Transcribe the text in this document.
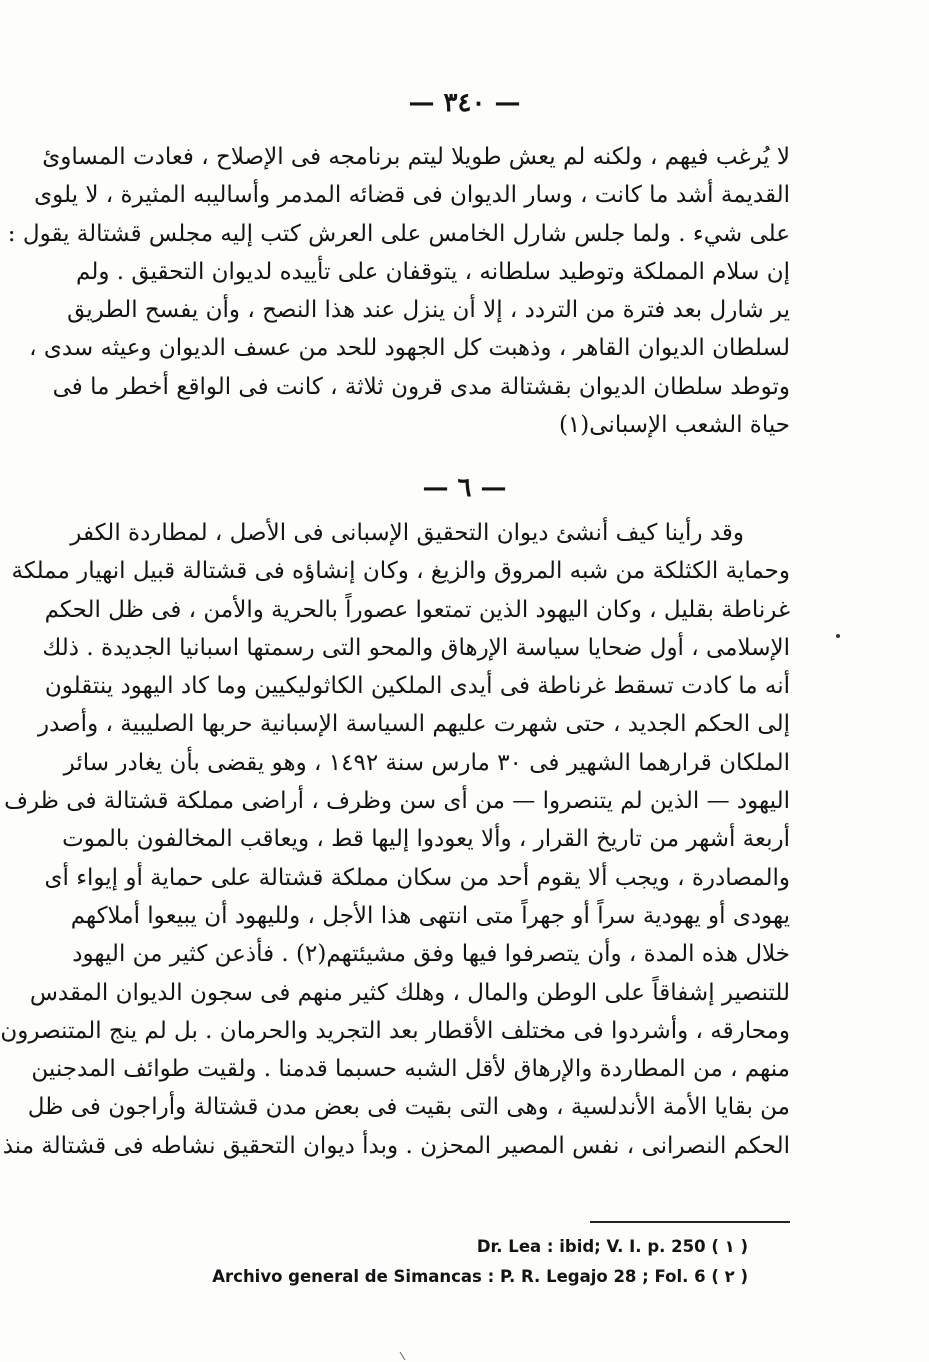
— ٣٤٠ —
لا يُرغب فيهم ، ولكنه لم يعش طويلا ليتم برنامجه فى الإصلاح ، فعادت المساوئ
القديمة أشد ما كانت ، وسار الديوان فى قضائه المدمر وأساليبه المثيرة ، لا يلوى
على شيء . ولما جلس شارل الخامس على العرش كتب إليه مجلس قشتالة يقول :
إن سلام المملكة وتوطيد سلطانه ، يتوقفان على تأييده لديوان التحقيق . ولم
ير شارل بعد فترة من التردد ، إلا أن ينزل عند هذا النصح ، وأن يفسح الطريق
لسلطان الديوان القاهر ، وذهبت كل الجهود للحد من عسف الديوان وعيثه سدى ،
وتوطد سلطان الديوان بقشتالة مدى قرون ثلاثة ، كانت فى الواقع أخطر ما فى
حياة الشعب الإسبانى(١)
— ٦ —
وقد رأينا كيف أنشئ ديوان التحقيق الإسبانى فى الأصل ، لمطاردة الكفر
وحماية الكثلكة من شبه المروق والزيغ ، وكان إنشاؤه فى قشتالة قبيل انهيار مملكة
غرناطة بقليل ، وكان اليهود الذين تمتعوا عصوراً بالحرية والأمن ، فى ظل الحكم
الإسلامى ، أول ضحايا سياسة الإرهاق والمحو التى رسمتها اسبانيا الجديدة . ذلك
أنه ما كادت تسقط غرناطة فى أيدى الملكين الكاثوليكيين وما كاد اليهود ينتقلون
إلى الحكم الجديد ، حتى شهرت عليهم السياسة الإسبانية حربها الصليبية ، وأصدر
الملكان قرارهما الشهير فى ٣٠ مارس سنة ١٤٩٢ ، وهو يقضى بأن يغادر سائر
اليهود — الذين لم يتنصروا — من أى سن وظرف ، أراضى مملكة قشتالة فى ظرف
أربعة أشهر من تاريخ القرار ، وألا يعودوا إليها قط ، ويعاقب المخالفون بالموت
والمصادرة ، ويجب ألا يقوم أحد من سكان مملكة قشتالة على حماية أو إيواء أى
يهودى أو يهودية سراً أو جهراً متى انتهى هذا الأجل ، ولليهود أن يبيعوا أملاكهم
خلال هذه المدة ، وأن يتصرفوا فيها وفق مشيئتهم(٢) . فأذعن كثير من اليهود
للتنصير إشفاقاً على الوطن والمال ، وهلك كثير منهم فى سجون الديوان المقدس
ومحارقه ، وأشردوا فى مختلف الأقطار بعد التجريد والحرمان . بل لم ينج المتنصرون
منهم ، من المطاردة والإرهاق لأقل الشبه حسبما قدمنا . ولقيت طوائف المدجنين
من بقايا الأمة الأندلسية ، وهى التى بقيت فى بعض مدن قشتالة وأراجون فى ظل
الحكم النصرانى ، نفس المصير المحزن . وبدأ ديوان التحقيق نشاطه فى قشتالة منذ
Dr. Lea : ibid; V. I. p. 250 ( ١ )
Archivo general de Simancas : P. R. Legajo 28 ; Fol. 6 ( ٢ )
